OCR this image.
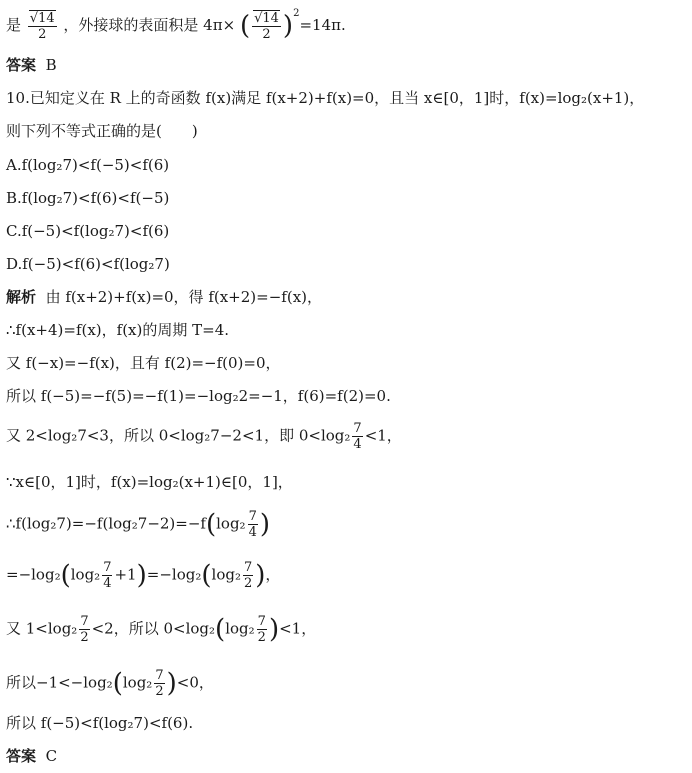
是 $\frac{√14}{2}$ ，外接球的表面积是 4π× ( $\frac{√14}{2} )^2=14\pi$.
答案 B
10.已知定义在 R 上的奇函数 f(x)满足 f(x+2)+f(x)=0，且当 x∈[0，1]时，f(x)=log₂(x+1)，
则下列不等式正确的是(　　)
A.f(log₂7)<f(−5)<f(6)
B.f(log₂7)<f(6)<f(−5)
C.f(−5)<f(log₂7)<f(6)
D.f(−5)<f(6)<f(log₂7)
解析 由 f(x+2)+f(x)=0，得 f(x+2)=−f(x)，
∴f(x+4)=f(x)，f(x)的周期 T=4.
又 f(−x)=−f(x)，且有 f(2)=−f(0)=0，
所以 f(−5)=−f(5)=−f(1)=−log₂2=−1，f(6)=f(2)=0.
又 2<log₂7<3，所以 0<log₂7−2<1，即 $0<\log_2 \frac{7}{4} <1$，
∵x∈[0，1]时，f(x)=log₂(x+1)∈[0，1]，
∴f(log₂7)=−f(log₂7−2)=−f(log₂ $\frac{7}{4}$ )
$=-\log_2(\log_2 \frac{7}{4} +1)=-\log_2(\log_2 \frac{7}{2}$ )，
又 $1<\log_2 \frac{7}{2} <2$，所以 $0<\log_2(\log_2 \frac{7}{2} )<1$，
所以$-1<-\log_2(\log_2 \frac{7}{2} )<0$，
所以 f(−5)<f(log₂7)<f(6).
答案 C
